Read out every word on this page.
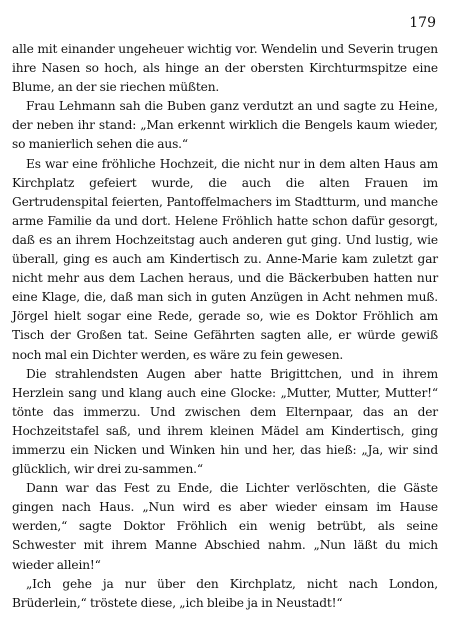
179

alle mit einander ungeheuer wichtig vor. Wendelin und Severin trugen ihre Nasen so hoch, als hinge an der obersten Kirchturmspitze eine Blume, an der sie riechen müßten.

Frau Lehmann sah die Buben ganz verdutzt an und sagte zu Heine, der neben ihr stand: „Man erkennt wirklich die Bengels kaum wieder, so manierlich sehen die aus.“

Es war eine fröhliche Hochzeit, die nicht nur in dem alten Haus am Kirchplatz gefeiert wurde, die auch die alten Frauen im Gertrudenspital feierten, Pantoffelmachers im Stadtturm, und manche arme Familie da und dort. Helene Fröhlich hatte schon dafür gesorgt, daß es an ihrem Hochzeitstag auch anderen gut ging. Und lustig, wie überall, ging es auch am Kindertisch zu. Anne-Marie kam zuletzt gar nicht mehr aus dem Lachen heraus, und die Bäckerbuben hatten nur eine Klage, die, daß man sich in guten Anzügen in Acht nehmen muß. Jörgel hielt sogar eine Rede, gerade so, wie es Doktor Fröhlich am Tisch der Großen tat. Seine Gefährten sagten alle, er würde gewiß noch mal ein Dichter werden, es wäre zu fein gewesen.

Die strahlendsten Augen aber hatte Brigittchen, und in ihrem Herzlein sang und klang auch eine Glocke: „Mutter, Mutter, Mutter!“ tönte das immerzu. Und zwischen dem Elternpaar, das an der Hochzeitstafel saß, und ihrem kleinen Mädel am Kindertisch, ging immerzu ein Nicken und Winken hin und her, das hieß: „Ja, wir sind glücklich, wir drei zu-sammen.“

Dann war das Fest zu Ende, die Lichter verlöschten, die Gäste gingen nach Haus. „Nun wird es aber wieder einsam im Hause werden,“ sagte Doktor Fröhlich ein wenig betrübt, als seine Schwester mit ihrem Manne Abschied nahm. „Nun läßt du mich wieder allein!“

„Ich gehe ja nur über den Kirchplatz, nicht nach London, Brüderlein,“ tröstete diese, „ich bleibe ja in Neustadt!“
